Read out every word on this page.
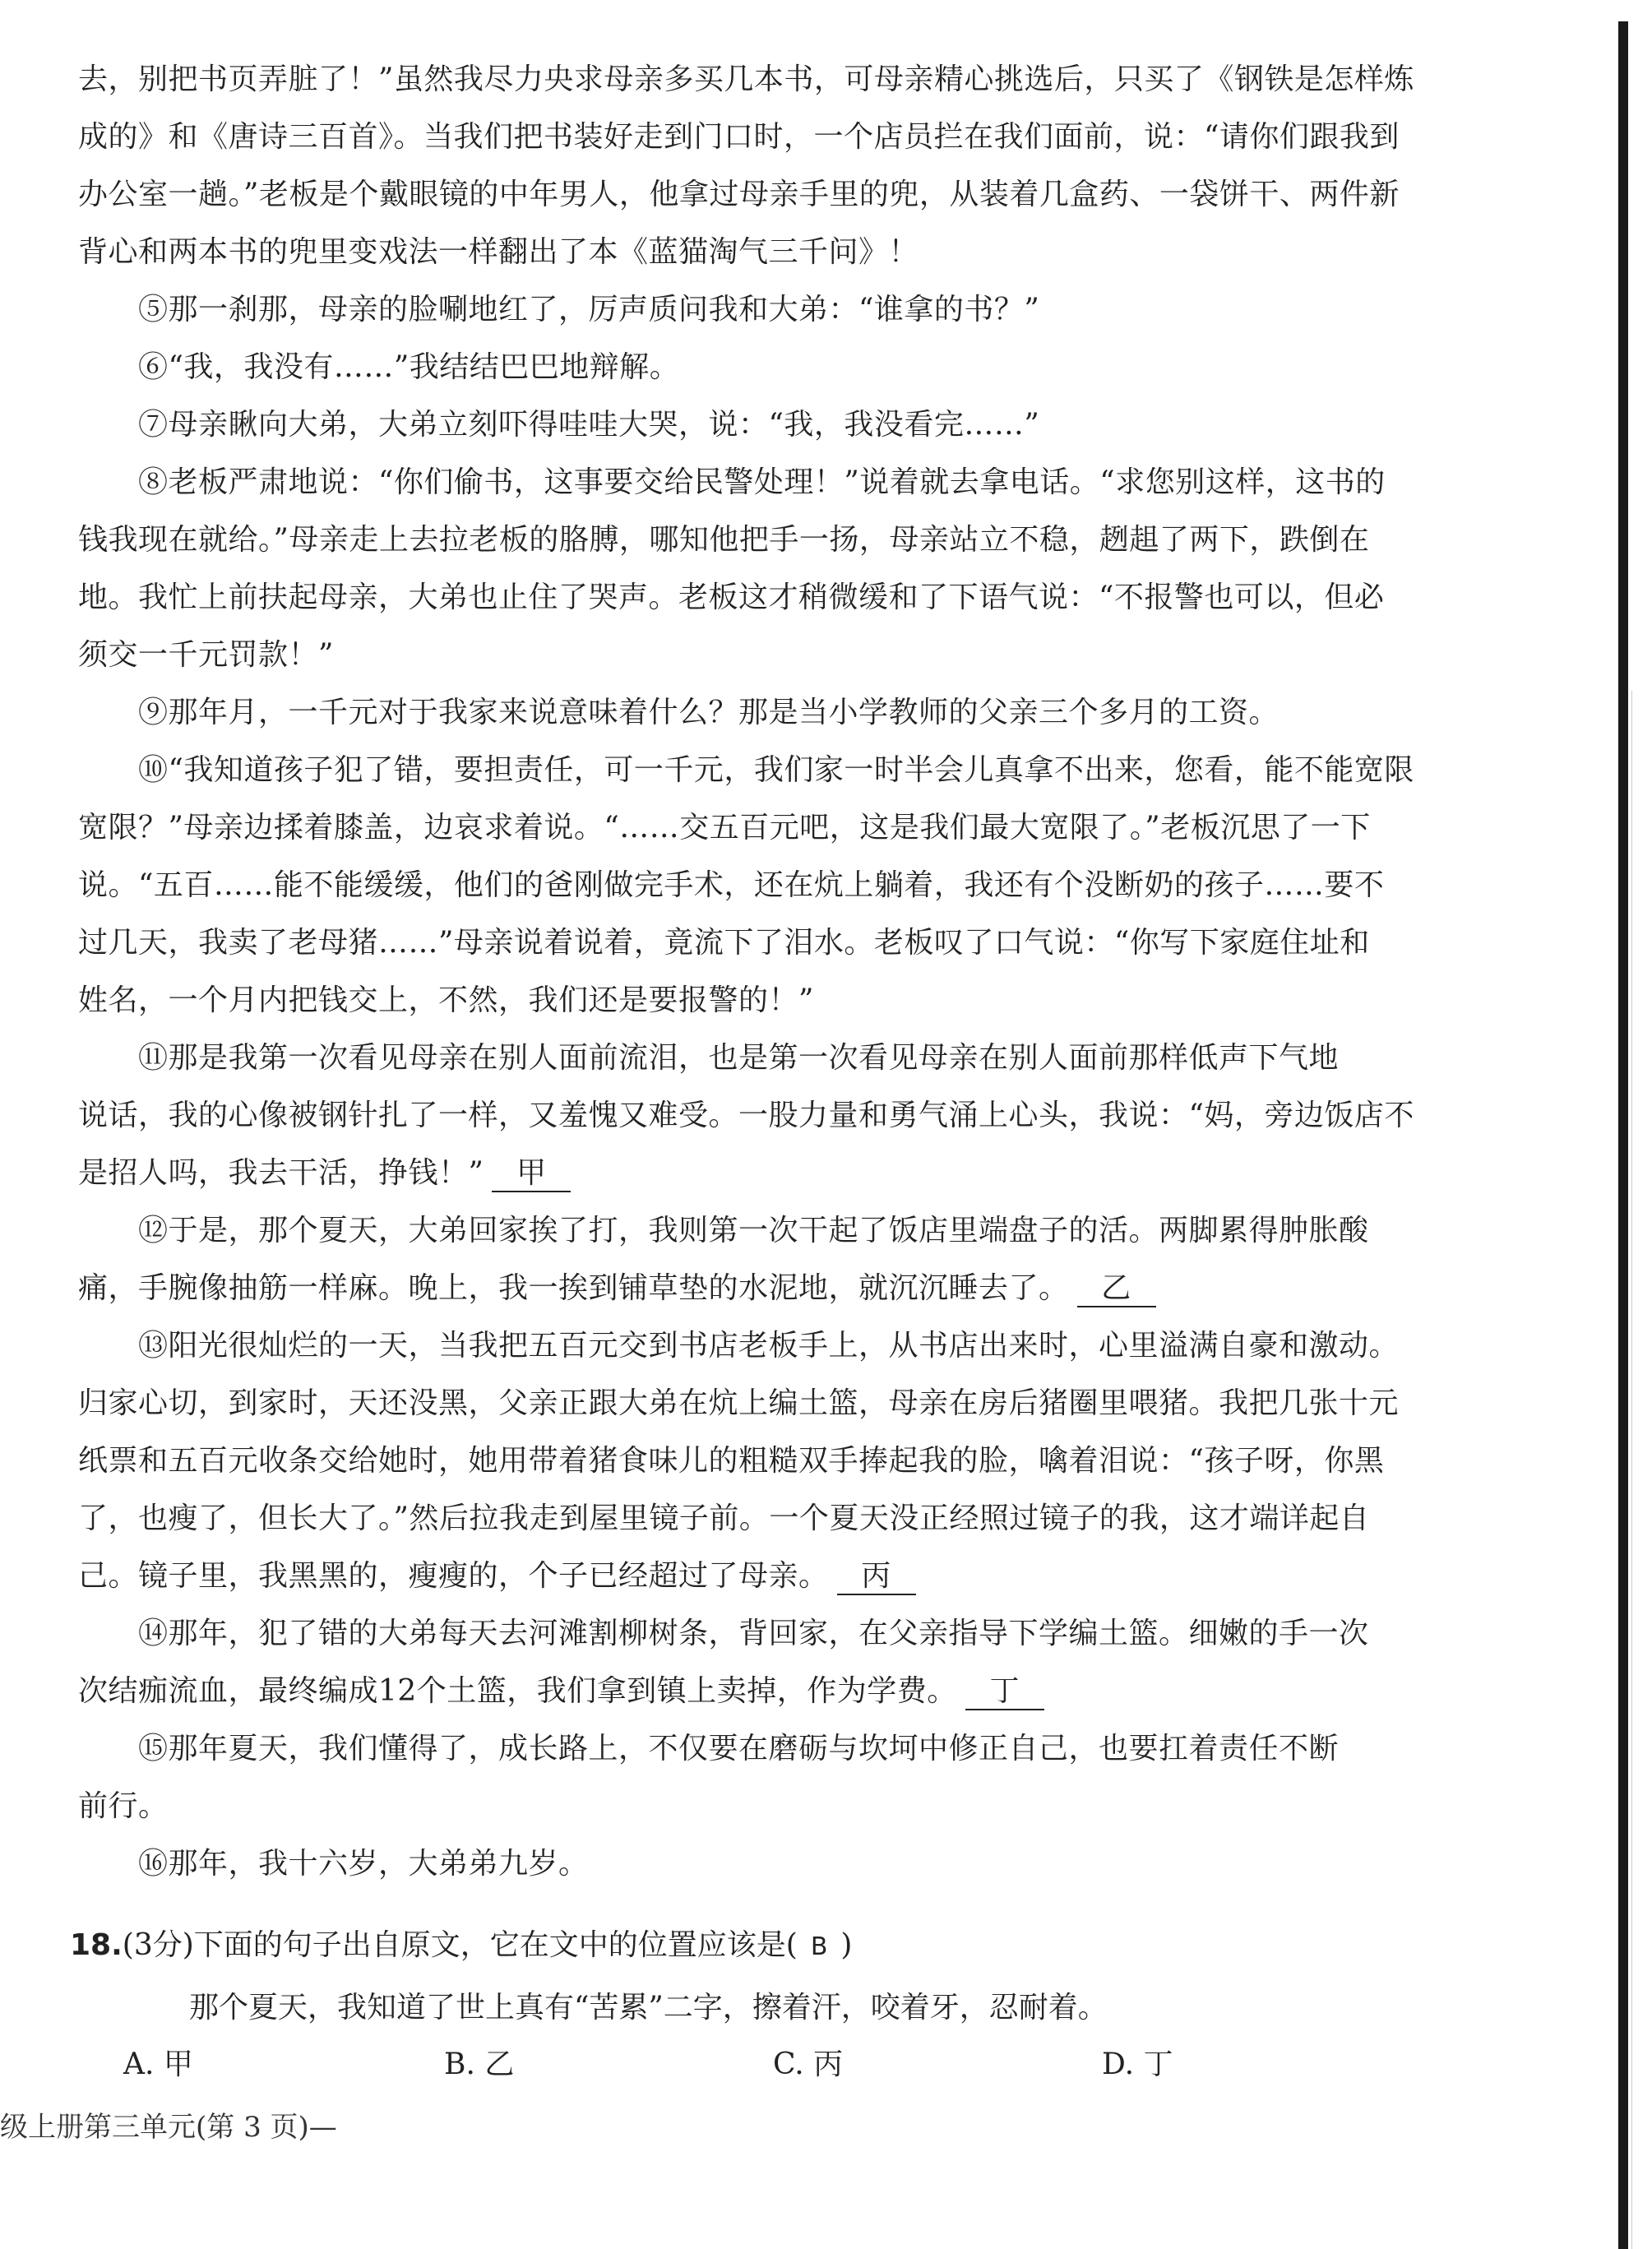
去，别把书页弄脏了！”虽然我尽力央求母亲多买几本书，可母亲精心挑选后，只买了《钢铁是怎样炼
成的》和《唐诗三百首》。当我们把书装好走到门口时，一个店员拦在我们面前，说：“请你们跟我到
办公室一趟。”老板是个戴眼镜的中年男人，他拿过母亲手里的兜，从装着几盒药、一袋饼干、两件新
背心和两本书的兜里变戏法一样翻出了本《蓝猫淘气三千问》！
⑤那一刹那，母亲的脸唰地红了，厉声质问我和大弟：“谁拿的书？”
⑥“我，我没有……”我结结巴巴地辩解。
⑦母亲瞅向大弟，大弟立刻吓得哇哇大哭，说：“我，我没看完……”
⑧老板严肃地说：“你们偷书，这事要交给民警处理！”说着就去拿电话。“求您别这样，这书的
钱我现在就给。”母亲走上去拉老板的胳膊，哪知他把手一扬，母亲站立不稳，趔趄了两下，跌倒在
地。我忙上前扶起母亲，大弟也止住了哭声。老板这才稍微缓和了下语气说：“不报警也可以，但必
须交一千元罚款！”
⑨那年月，一千元对于我家来说意味着什么？那是当小学教师的父亲三个多月的工资。
⑩“我知道孩子犯了错，要担责任，可一千元，我们家一时半会儿真拿不出来，您看，能不能宽限
宽限？”母亲边揉着膝盖，边哀求着说。“……交五百元吧，这是我们最大宽限了。”老板沉思了一下
说。“五百……能不能缓缓，他们的爸刚做完手术，还在炕上躺着，我还有个没断奶的孩子……要不
过几天，我卖了老母猪……”母亲说着说着，竟流下了泪水。老板叹了口气说：“你写下家庭住址和
姓名，一个月内把钱交上，不然，我们还是要报警的！”
⑪那是我第一次看见母亲在别人面前流泪，也是第一次看见母亲在别人面前那样低声下气地
说话，我的心像被钢针扎了一样，又羞愧又难受。一股力量和勇气涌上心头，我说：“妈，旁边饭店不
是招人吗，我去干活，挣钱！” 甲
⑫于是，那个夏天，大弟回家挨了打，我则第一次干起了饭店里端盘子的活。两脚累得肿胀酸
痛，手腕像抽筋一样麻。晚上，我一挨到铺草垫的水泥地，就沉沉睡去了。 乙
⑬阳光很灿烂的一天，当我把五百元交到书店老板手上，从书店出来时，心里溢满自豪和激动。
归家心切，到家时，天还没黑，父亲正跟大弟在炕上编土篮，母亲在房后猪圈里喂猪。我把几张十元
纸票和五百元收条交给她时，她用带着猪食味儿的粗糙双手捧起我的脸，噙着泪说：“孩子呀，你黑
了，也瘦了，但长大了。”然后拉我走到屋里镜子前。一个夏天没正经照过镜子的我，这才端详起自
己。镜子里，我黑黑的，瘦瘦的，个子已经超过了母亲。 丙
⑭那年，犯了错的大弟每天去河滩割柳树条，背回家，在父亲指导下学编土篮。细嫩的手一次
次结痂流血，最终编成12个土篮，我们拿到镇上卖掉，作为学费。 丁
⑮那年夏天，我们懂得了，成长路上，不仅要在磨砺与坎坷中修正自己，也要扛着责任不断
前行。
⑯那年，我十六岁，大弟弟九岁。
18.(3分)下面的句子出自原文，它在文中的位置应该是( B )
那个夏天，我知道了世上真有“苦累”二字，擦着汗，咬着牙，忍耐着。
A. 甲	B. 乙	C. 丙	D. 丁
级上册第三单元(第 3 页)—
